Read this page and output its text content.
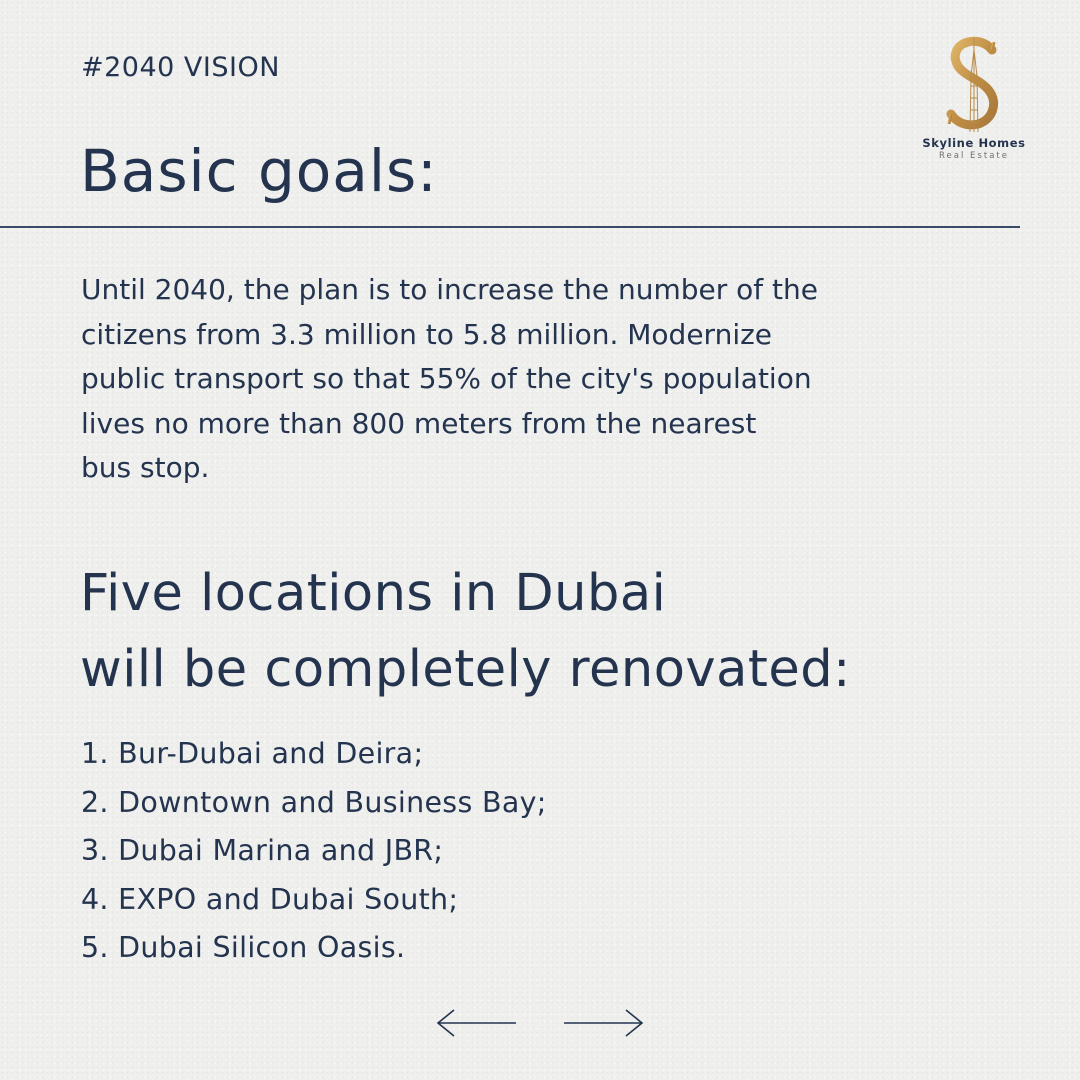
#2040 VISION
Basic goals:	Skyline Homes
Real Estate
Until 2040, the plan is to increase the number of the
citizens from 3.3 million to 5.8 million. Modernize
public transport so that 55% of the city's population
lives no more than 800 meters from the nearest
bus stop.
Five locations in Dubai
will be completely renovated:
1. Bur-Dubai and Deira;
2. Downtown and Business Bay;
3. Dubai Marina and JBR;
4. EXPO and Dubai South;
5. Dubai Silicon Oasis.
